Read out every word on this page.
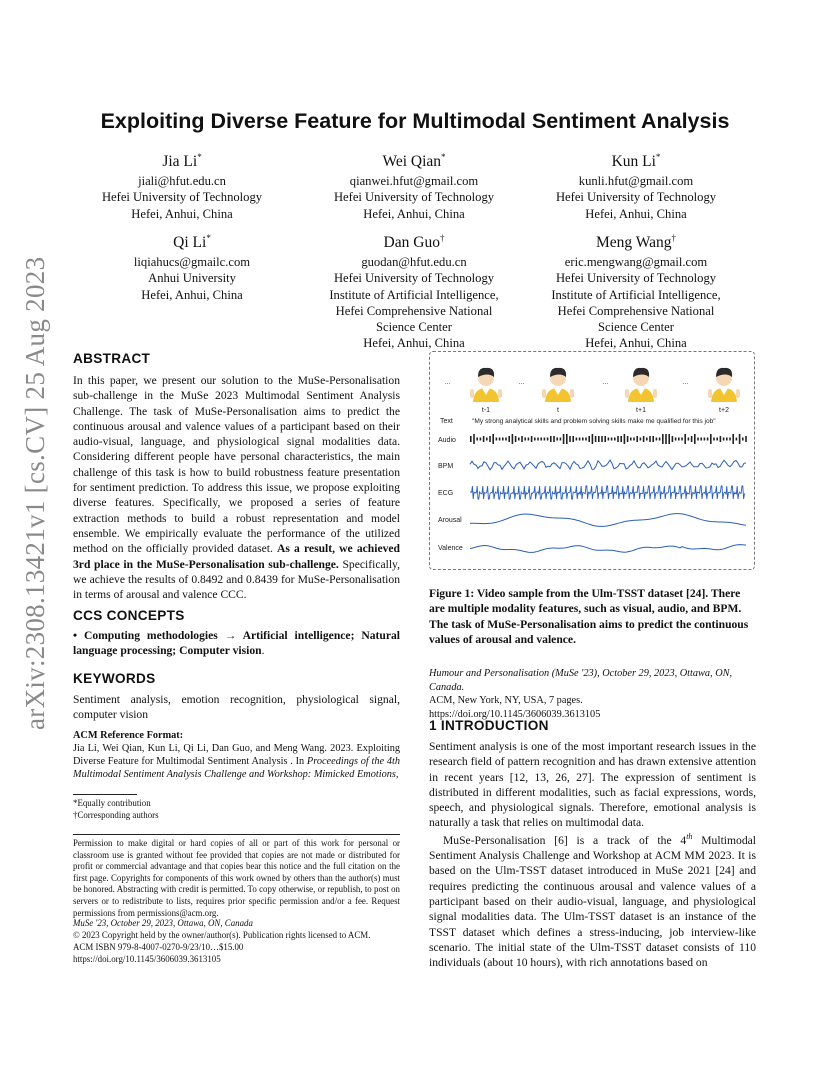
arXiv:2308.13421v1 [cs.CV] 25 Aug 2023
Exploiting Diverse Feature for Multimodal Sentiment Analysis
Jia Li*
jiali@hfut.edu.cn
Hefei University of Technology
Hefei, Anhui, China
Wei Qian*
qianwei.hfut@gmail.com
Hefei University of Technology
Hefei, Anhui, China
Kun Li*
kunli.hfut@gmail.com
Hefei University of Technology
Hefei, Anhui, China
Qi Li*
liqiahucs@gmailc.com
Anhui University
Hefei, Anhui, China
Dan Guo†
guodan@hfut.edu.cn
Hefei University of Technology
Institute of Artificial Intelligence,
Hefei Comprehensive National
Science Center
Hefei, Anhui, China
Meng Wang†
eric.mengwang@gmail.com
Hefei University of Technology
Institute of Artificial Intelligence,
Hefei Comprehensive National
Science Center
Hefei, Anhui, China
ABSTRACT
In this paper, we present our solution to the MuSe-Personalisation sub-challenge in the MuSe 2023 Multimodal Sentiment Analysis Challenge. The task of MuSe-Personalisation aims to predict the continuous arousal and valence values of a participant based on their audio-visual, language, and physiological signal modalities data. Considering different people have personal characteristics, the main challenge of this task is how to build robustness feature presentation for sentiment prediction. To address this issue, we propose exploiting diverse features. Specifically, we proposed a series of feature extraction methods to build a robust representation and model ensemble. We empirically evaluate the performance of the utilized method on the officially provided dataset. As a result, we achieved 3rd place in the MuSe-Personalisation sub-challenge. Specifically, we achieve the results of 0.8492 and 0.8439 for MuSe-Personalisation in terms of arousal and valence CCC.
CCS CONCEPTS
• Computing methodologies → Artificial intelligence; Natural language processing; Computer vision.
KEYWORDS
Sentiment analysis, emotion recognition, physiological signal, computer vision
ACM Reference Format:
Jia Li, Wei Qian, Kun Li, Qi Li, Dan Guo, and Meng Wang. 2023. Exploiting Diverse Feature for Multimodal Sentiment Analysis . In Proceedings of the 4th Multimodal Sentiment Analysis Challenge and Workshop: Mimicked Emotions,
*Equally contribution
†Corresponding authors
Permission to make digital or hard copies of all or part of this work for personal or classroom use is granted without fee provided that copies are not made or distributed for profit or commercial advantage and that copies bear this notice and the full citation on the first page. Copyrights for components of this work owned by others than the author(s) must be honored. Abstracting with credit is permitted. To copy otherwise, or republish, to post on servers or to redistribute to lists, requires prior specific permission and/or a fee. Request permissions from permissions@acm.org.
MuSe '23, October 29, 2023, Ottawa, ON, Canada
© 2023 Copyright held by the owner/author(s). Publication rights licensed to ACM.
ACM ISBN 979-8-4007-0270-9/23/10…$15.00
https://doi.org/10.1145/3606039.3613105
…	…	…	…
t-1	t	t+1	t+2
Text	"My strong analytical skills and problem solving skills make me qualified for this job"
Audio
BPM
ECG
Arousal
Valence
Figure 1: Video sample from the Ulm-TSST dataset [24]. There are multiple modality features, such as visual, audio, and BPM. The task of MuSe-Personalisation aims to predict the continuous values of arousal and valence.
Humour and Personalisation (MuSe '23), October 29, 2023, Ottawa, ON, Canada.
ACM, New York, NY, USA, 7 pages. https://doi.org/10.1145/3606039.3613105
1 INTRODUCTION
Sentiment analysis is one of the most important research issues in the research field of pattern recognition and has drawn extensive attention in recent years [12, 13, 26, 27]. The expression of sentiment is distributed in different modalities, such as facial expressions, words, speech, and physiological signals. Therefore, emotional analysis is naturally a task that relies on multimodal data.
MuSe-Personalisation [6] is a track of the 4th Multimodal Sentiment Analysis Challenge and Workshop at ACM MM 2023. It is based on the Ulm-TSST dataset introduced in MuSe 2021 [24] and requires predicting the continuous arousal and valence values of a participant based on their audio-visual, language, and physiological signal modalities data. The Ulm-TSST dataset is an instance of the TSST dataset which defines a stress-inducing, job interview-like scenario. The initial state of the Ulm-TSST dataset consists of 110 individuals (about 10 hours), with rich annotations based on
